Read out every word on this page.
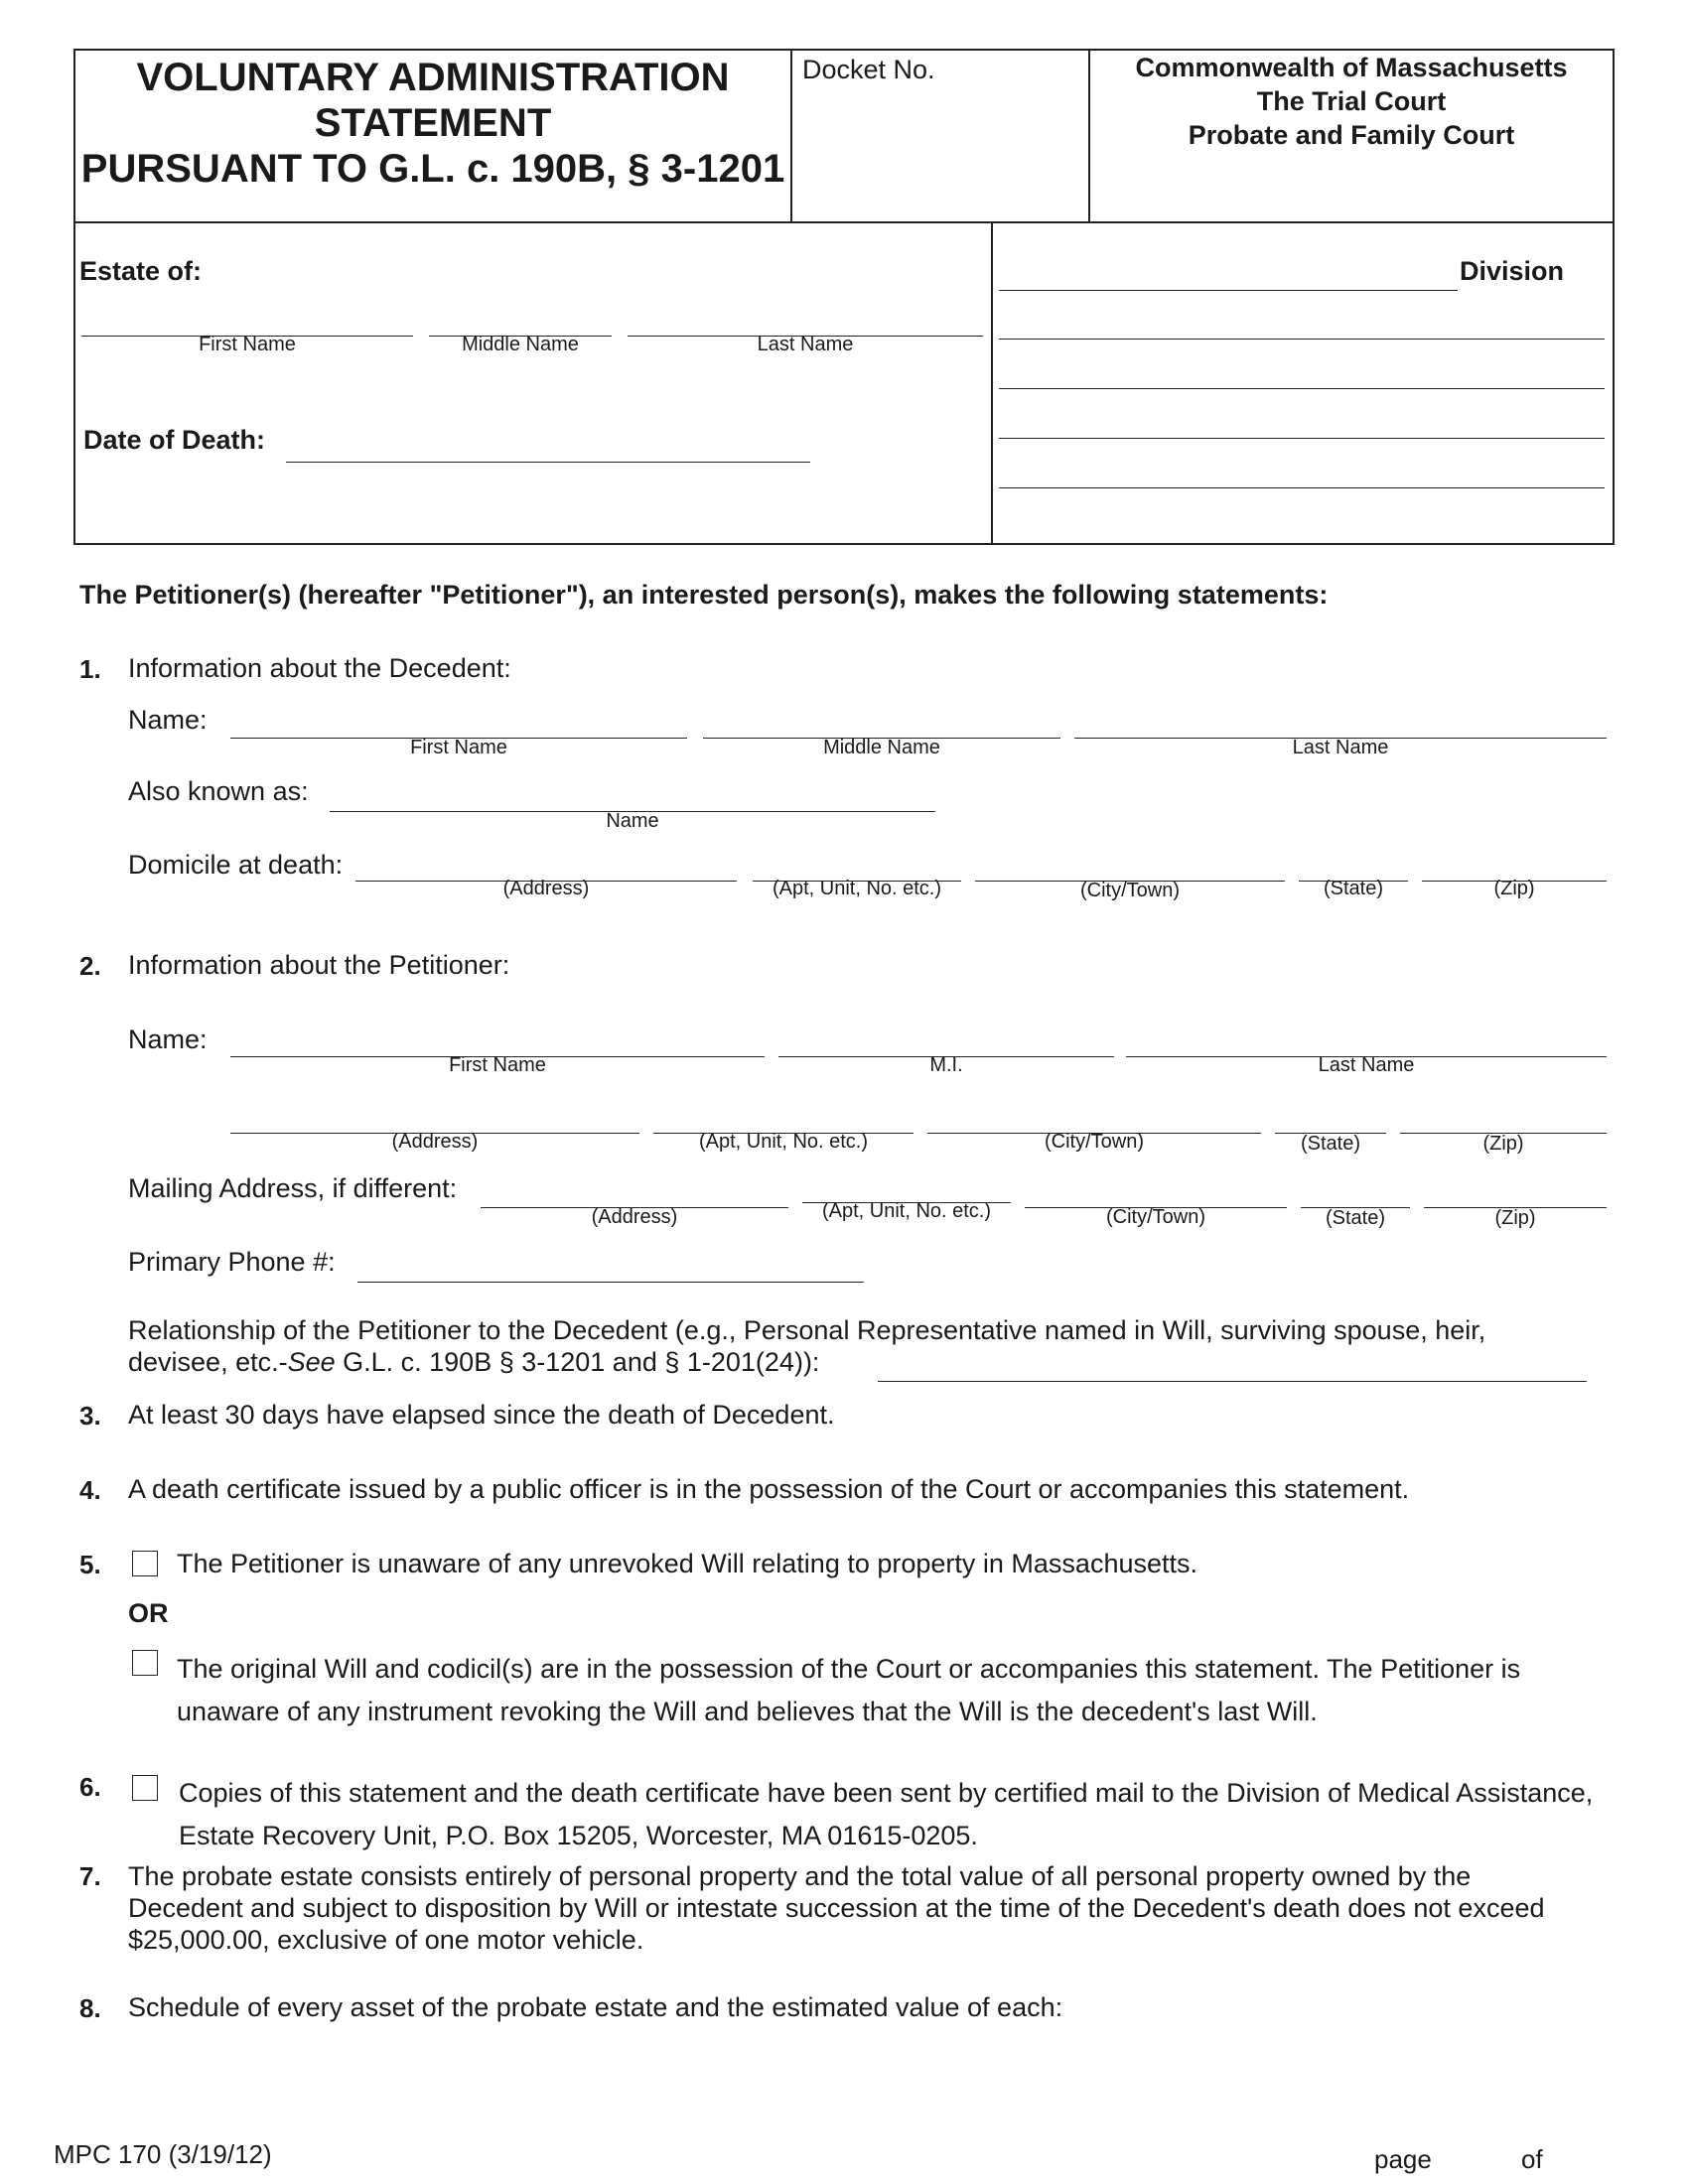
VOLUNTARY ADMINISTRATION
STATEMENT
PURSUANT TO G.L. c. 190B, § 3-1201
Docket No.	Commonwealth of Massachusetts
The Trial Court
Probate and Family Court
Estate of:
First Name	Middle Name	Last Name
Date of Death:
Division
The Petitioner(s) (hereafter "Petitioner"), an interested person(s), makes the following statements:
1. Information about the Decedent:
Name:
First Name	Middle Name	Last Name
Also known as:
Name
Domicile at death:
(Address)	(Apt, Unit, No. etc.)	(City/Town)	(State)	(Zip)
2. Information about the Petitioner:
Name:
First Name	M.I.	Last Name
(Address)	(Apt, Unit, No. etc.)	(City/Town)	(State)	(Zip)
Mailing Address, if different:
(Address)	(Apt, Unit, No. etc.)	(City/Town)	(State)	(Zip)
Primary Phone #:
Relationship of the Petitioner to the Decedent (e.g., Personal Representative named in Will, surviving spouse, heir,
devisee, etc.-See G.L. c. 190B § 3-1201 and § 1-201(24)):
3. At least 30 days have elapsed since the death of Decedent.
4. A death certificate issued by a public officer is in the possession of the Court or accompanies this statement.
5.	The Petitioner is unaware of any unrevoked Will relating to property in Massachusetts.
OR
The original Will and codicil(s) are in the possession of the Court or accompanies this statement. The Petitioner is
unaware of any instrument revoking the Will and believes that the Will is the decedent's last Will.
6.	Copies of this statement and the death certificate have been sent by certified mail to the Division of Medical Assistance,
Estate Recovery Unit, P.O. Box 15205, Worcester, MA 01615-0205.
7. The probate estate consists entirely of personal property and the total value of all personal property owned by the
Decedent and subject to disposition by Will or intestate succession at the time of the Decedent's death does not exceed
$25,000.00, exclusive of one motor vehicle.
8. Schedule of every asset of the probate estate and the estimated value of each:
MPC 170 (3/19/12)	page	of
